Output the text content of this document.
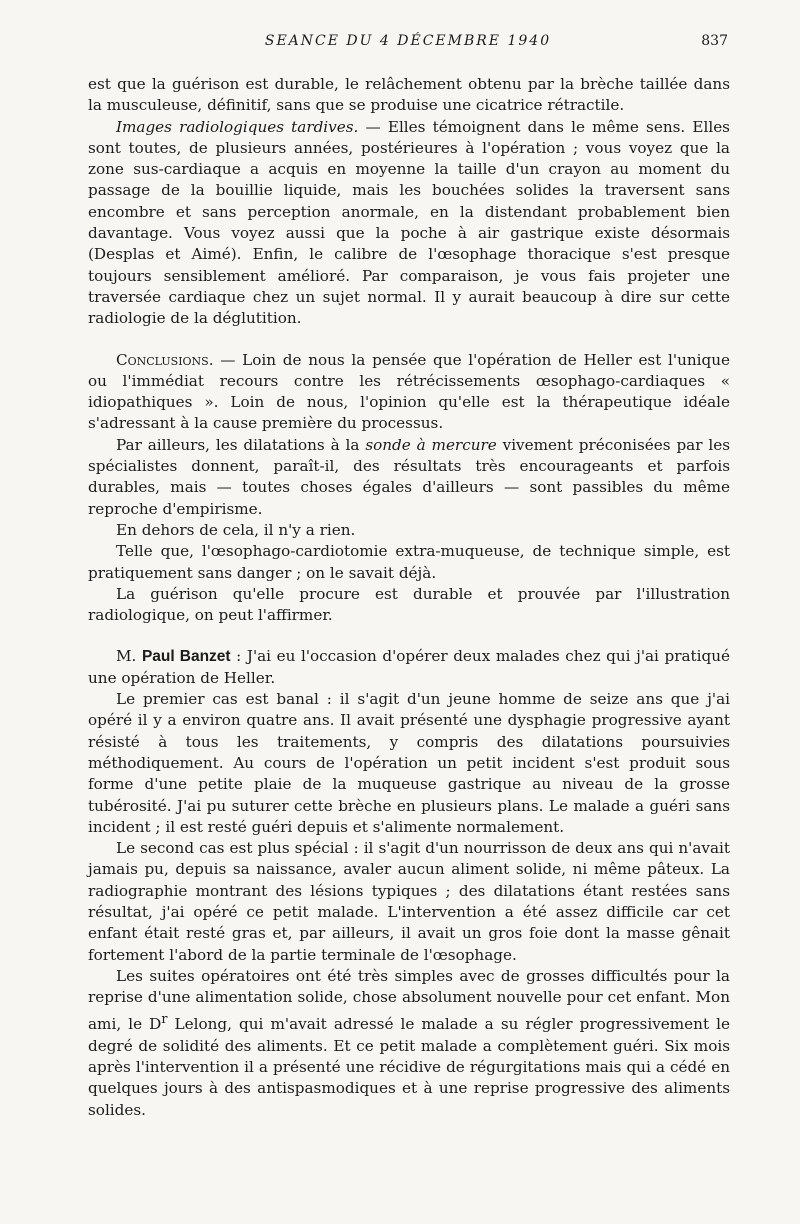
SEANCE DU 4 DÉCEMBRE 1940	837

est que la guérison est durable, le relâchement obtenu par la brèche taillée dans la musculeuse, définitif, sans que se produise une cicatrice rétractile.

Images radiologiques tardives. — Elles témoignent dans le même sens. Elles sont toutes, de plusieurs années, postérieures à l'opération ; vous voyez que la zone sus-cardiaque a acquis en moyenne la taille d'un crayon au moment du passage de la bouillie liquide, mais les bouchées solides la traversent sans encombre et sans perception anormale, en la distendant probablement bien davantage. Vous voyez aussi que la poche à air gastrique existe désormais (Desplas et Aimé). Enfin, le calibre de l'œsophage thoracique s'est presque toujours sensiblement amélioré. Par comparaison, je vous fais projeter une traversée cardiaque chez un sujet normal. Il y aurait beaucoup à dire sur cette radiologie de la déglutition.

Conclusions. — Loin de nous la pensée que l'opération de Heller est l'unique ou l'immédiat recours contre les rétrécissements œsophago-cardiaques « idiopathiques ». Loin de nous, l'opinion qu'elle est la thérapeutique idéale s'adressant à la cause première du processus.

Par ailleurs, les dilatations à la sonde à mercure vivement préconisées par les spécialistes donnent, paraît-il, des résultats très encourageants et parfois durables, mais — toutes choses égales d'ailleurs — sont passibles du même reproche d'empirisme.

En dehors de cela, il n'y a rien.

Telle que, l'œsophago-cardiotomie extra-muqueuse, de technique simple, est pratiquement sans danger ; on le savait déjà.

La guérison qu'elle procure est durable et prouvée par l'illustration radiologique, on peut l'affirmer.

M. Paul Banzet : J'ai eu l'occasion d'opérer deux malades chez qui j'ai pratiqué une opération de Heller.

Le premier cas est banal : il s'agit d'un jeune homme de seize ans que j'ai opéré il y a environ quatre ans. Il avait présenté une dysphagie progressive ayant résisté à tous les traitements, y compris des dilatations poursuivies méthodiquement. Au cours de l'opération un petit incident s'est produit sous forme d'une petite plaie de la muqueuse gastrique au niveau de la grosse tubérosité. J'ai pu suturer cette brèche en plusieurs plans. Le malade a guéri sans incident ; il est resté guéri depuis et s'alimente normalement.

Le second cas est plus spécial : il s'agit d'un nourrisson de deux ans qui n'avait jamais pu, depuis sa naissance, avaler aucun aliment solide, ni même pâteux. La radiographie montrant des lésions typiques ; des dilatations étant restées sans résultat, j'ai opéré ce petit malade. L'intervention a été assez difficile car cet enfant était resté gras et, par ailleurs, il avait un gros foie dont la masse gênait fortement l'abord de la partie terminale de l'œsophage.

Les suites opératoires ont été très simples avec de grosses difficultés pour la reprise d'une alimentation solide, chose absolument nouvelle pour cet enfant. Mon ami, le $D^r$ Lelong, qui m'avait adressé le malade a su régler progressivement le degré de solidité des aliments. Et ce petit malade a complètement guéri. Six mois après l'intervention il a présenté une récidive de régurgitations mais qui a cédé en quelques jours à des antispasmodiques et à une reprise progressive des aliments solides.
